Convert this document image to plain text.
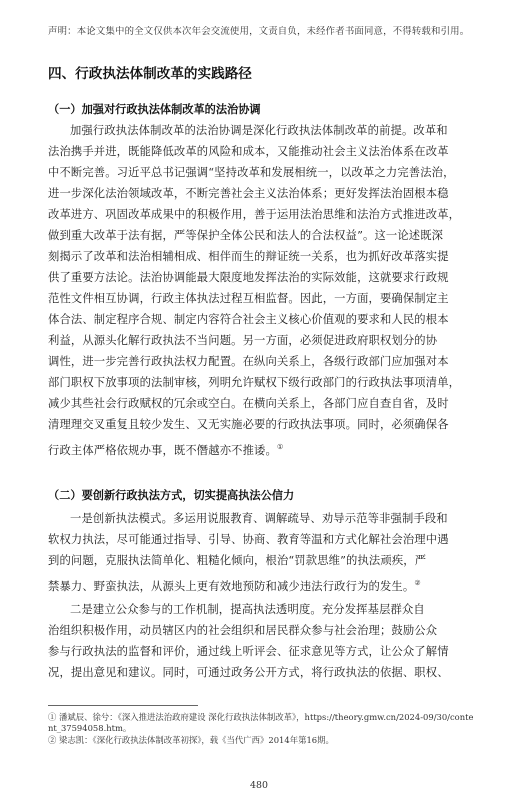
声明：本论文集中的全文仅供本次年会交流使用，文责自负，未经作者书面同意，不得转载和引用。
四、行政执法体制改革的实践路径
（一）加强对行政执法体制改革的法治协调
加强行政执法体制改革的法治协调是深化行政执法体制改革的前提。改革和
法治携手并进，既能降低改革的风险和成本，又能推动社会主义法治体系在改革
中不断完善。习近平总书记强调“坚持改革和发展相统一，以改革之力完善法治，
进一步深化法治领域改革，不断完善社会主义法治体系；更好发挥法治固根本稳
改革进方、巩固改革成果中的积极作用，善于运用法治思维和法治方式推进改革，
做到重大改革于法有据，严等保护全体公民和法人的合法权益”。这一论述既深
刻揭示了改革和法治相辅相成、相伴而生的辩证统一关系，也为抓好改革落实提
供了重要方法论。法治协调能最大限度地发挥法治的实际效能，这就要求行政规
范性文件相互协调，行政主体执法过程互相监督。因此，一方面，要确保制定主
体合法、制定程序合规、制定内容符合社会主义核心价值观的要求和人民的根本
利益，从源头化解行政执法不当问题。另一方面，必须促进政府职权划分的协
调性，进一步完善行政执法权力配置。在纵向关系上，各级行政部门应加强对本
部门职权下放事项的法制审核，列明允许赋权下级行政部门的行政执法事项清单，
减少其些社会行政赋权的冗余或空白。在横向关系上，各部门应自查自省，及时
清理理交叉重复且较少发生、又无实施必要的行政执法事项。同时，必须确保各
行政主体严格依规办事，既不僭越亦不推诿。①
（二）要创新行政执法方式，切实提高执法公信力
一是创新执法模式。多运用说服教育、调解疏导、劝导示范等非强制手段和
软权力执法，尽可能通过指导、引导、协商、教育等温和方式化解社会治理中遇
到的问题，克服执法简单化、粗糙化倾向，根治“罚款思维”的执法顽疾，严
禁暴力、野蛮执法，从源头上更有效地预防和减少违法行政行为的发生。②
二是建立公众参与的工作机制，提高执法透明度。充分发挥基层群众自
治组织积极作用，动员辖区内的社会组织和居民群众参与社会治理；鼓励公众
参与行政执法的监督和评价，通过线上听评会、征求意见等方式，让公众了解情
况，提出意见和建议。同时，可通过政务公开方式，将行政执法的依据、职权、
① 潘斌辰、徐兮：《深入推进法治政府建设 深化行政执法体制改革》，https://theory.gmw.cn/2024-09/30/conte
nt_37594058.htm。
② 梁志凯：《深化行政执法体制改革初探》，载《当代广西》2014年第16期。
480
